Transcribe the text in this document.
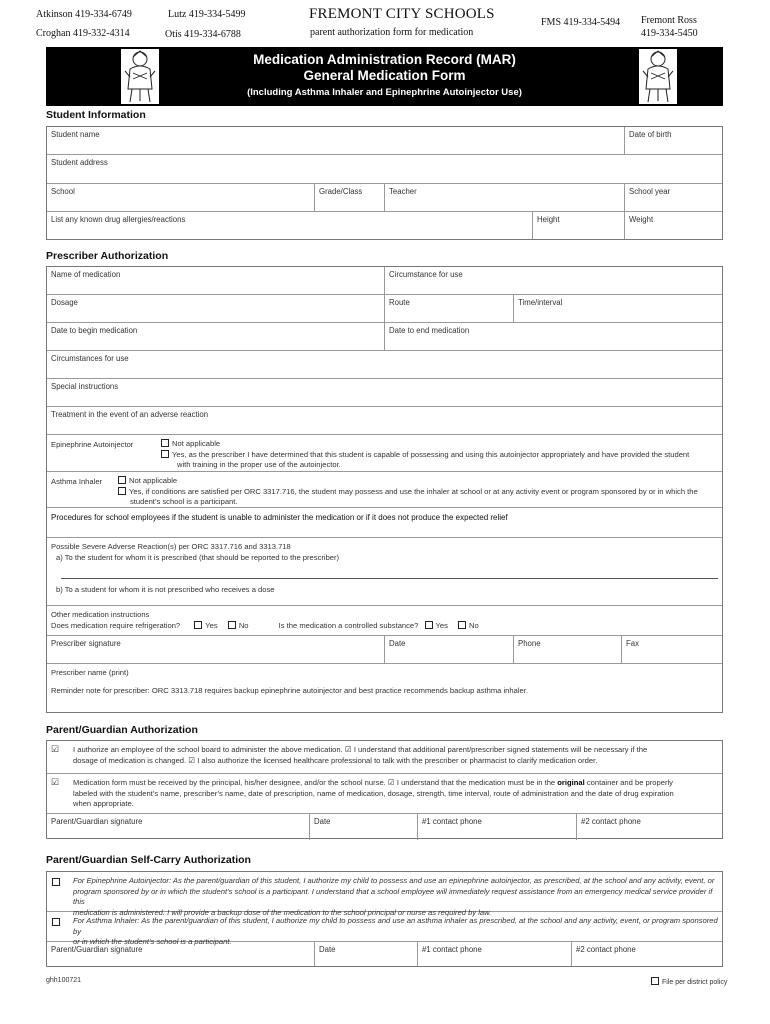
Atkinson 419-334-6749
Croghan 419-332-4314
Lutz 419-334-5499
Otis 419-334-6788
FREMONT CITY SCHOOLS
parent authorization form for medication
FMS 419-334-5494 Fremont Ross
419-334-5450
Medication Administration Record (MAR)
General Medication Form
(Including Asthma Inhaler and Epinephrine Autoinjector Use)
Student Information
Student name	Date of birth
Student address
School	Grade/Class	Teacher	School year
List any known drug allergies/reactions	Height	Weight
Prescriber Authorization
Name of medication	Circumstance for use
Dosage	Route	Time/interval
Date to begin medication	Date to end medication
Circumstances for use
Special instructions
Treatment in the event of an adverse reaction
Epinephrine Autoinjector	Not applicable
Yes, as the prescriber I have determined that this student is capable of possessing and using this autoinjector appropriately and have provided the student
with training in the proper use of the autoinjector.
Asthma Inhaler	Not applicable
Yes, if conditions are satisfied per ORC 3317.716, the student may possess and use the inhaler at school or at any activity event or program sponsored by or in which the
student’s school is a participant.
Procedures for school employees if the student is unable to administer the medication or if it does not produce the expected relief
Possible Severe Adverse Reaction(s) per ORC 3317.716 and 3313.718
a) To the student for whom it is prescribed (that should be reported to the prescriber)
b) To a student for whom it is not prescribed who receives a dose
Other medication instructions
Does medication require refrigeration?	Yes	No	Is the medication a controlled substance? Yes	No
Prescriber signature	Date	Phone	Fax
Prescriber name (print)
Reminder note for prescriber: ORC 3313.718 requires backup epinephrine autoinjector and best practice recommends backup asthma inhaler.
Parent/Guardian Authorization
☑ I authorize an employee of the school board to administer the above medication. ☑ I understand that additional parent/prescriber signed statements will be necessary if the
dosage of medication is changed. ☑ I also authorize the licensed healthcare professional to talk with the prescriber or pharmacist to clarify medication order.
☑ Medication form must be received by the principal, his/her designee, and/or the school nurse. ☑ I understand that the medication must be in the original container and be properly
labeled with the student’s name, prescriber’s name, date of prescription, name of medication, dosage, strength, time interval, route of administration and the date of drug expiration
when appropriate.
Parent/Guardian signature	Date	#1 contact phone	#2 contact phone
Parent/Guardian Self-Carry Authorization
For Epinephrine Autoinjector: As the parent/guardian of this student, I authorize my child to possess and use an epinephrine autoinjector, as prescribed, at the school and any activity, event, or
program sponsored by or in which the student’s school is a participant. I understand that a school employee will immediately request assistance from an emergency medical service provider if this
medication is administered. I will provide a backup dose of the medication to the school principal or nurse as required by law.
For Asthma Inhaler: As the parent/guardian of this student, I authorize my child to possess and use an asthma inhaler as prescribed, at the school and any activity, event, or program sponsored by
or in which the student’s school is a participant.
Parent/Guardian signature	Date	#1 contact phone	#2 contact phone
ghh100721	File per district policy
